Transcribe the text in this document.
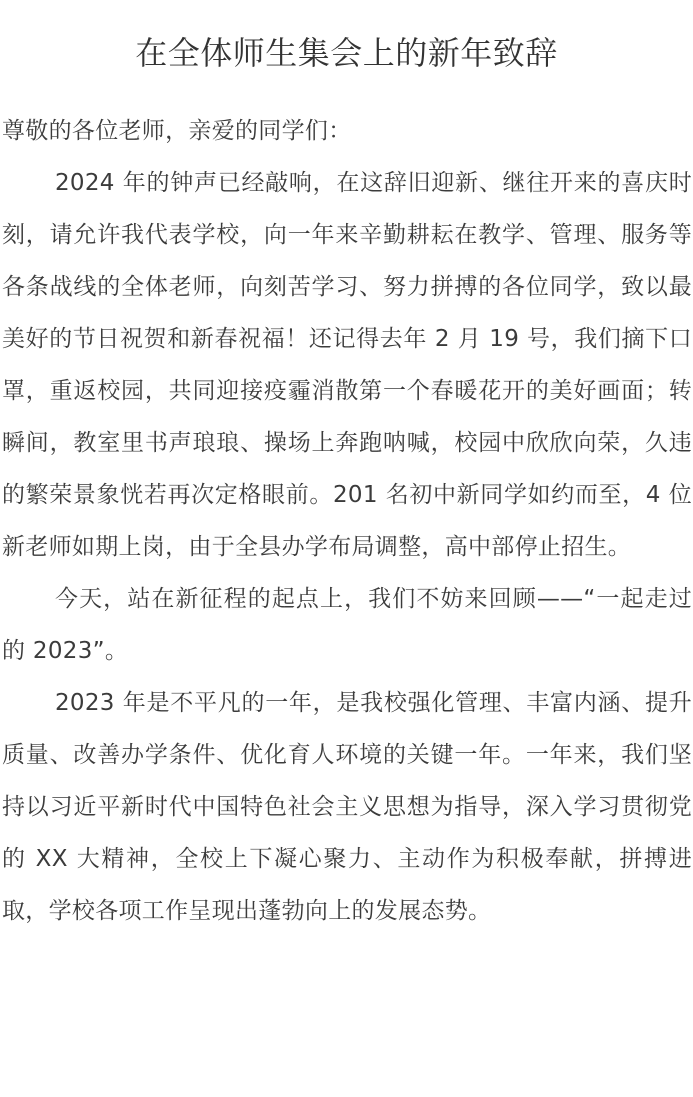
在全体师生集会上的新年致辞

尊敬的各位老师，亲爱的同学们：

2024 年的钟声已经敲响，在这辞旧迎新、继往开来的喜庆时刻，请允许我代表学校，向一年来辛勤耕耘在教学、管理、服务等各条战线的全体老师，向刻苦学习、努力拼搏的各位同学，致以最美好的节日祝贺和新春祝福！还记得去年 2 月 19 号，我们摘下口罩，重返校园，共同迎接疫霾消散第一个春暖花开的美好画面；转瞬间，教室里书声琅琅、操场上奔跑呐喊，校园中欣欣向荣，久违的繁荣景象恍若再次定格眼前。201 名初中新同学如约而至，4 位新老师如期上岗，由于全县办学布局调整，高中部停止招生。

今天，站在新征程的起点上，我们不妨来回顾——“一起走过的 2023”。

2023 年是不平凡的一年，是我校强化管理、丰富内涵、提升质量、改善办学条件、优化育人环境的关键一年。一年来，我们坚持以习近平新时代中国特色社会主义思想为指导，深入学习贯彻党的 XX 大精神，全校上下凝心聚力、主动作为积极奉献，拼搏进取，学校各项工作呈现出蓬勃向上的发展态势。
